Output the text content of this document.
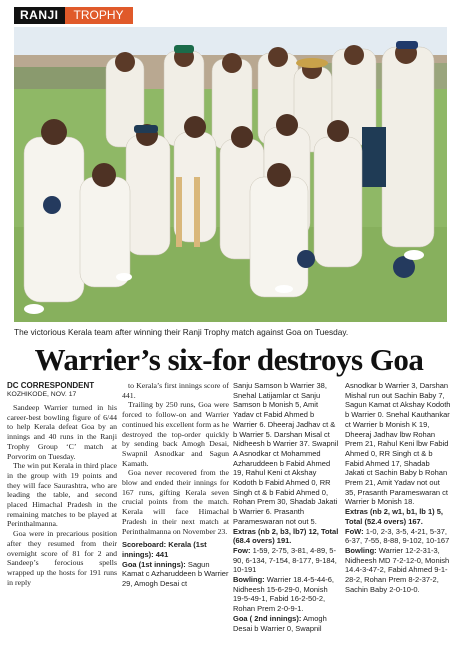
RANJI	TROPHY
The victorious Kerala team after winning their Ranji Trophy match against Goa on Tuesday.
Warrier’s six-for destroys Goa
DC CORRESPONDENT
KOZHIKODE, NOV. 17

Sandeep Warrier turned in his career-best bowling figure of 6/44 to help Kerala defeat Goa by an innings and 40 runs in the Ranji Trophy Group ‘C’ match at Porvorim on Tuesday.

The win put Kerala in third place in the group with 19 points and they will face Saurashtra, who are leading the table, and second placed Himachal Pradesh in the remaining matches to be played at Perinthalmanna.

Goa were in precarious position after they resumed from their overnight score of 81 for 2 and Sandeep’s ferocious spells wrapped up the hosts for 191 runs in reply

to Kerala’s first innings score of 441.

Trailing by 250 runs, Goa were forced to follow-on and Warrier continued his excellent form as he destroyed the top-order quickly by sending back Amogh Desai, Swapnil Asnodkar and Sagun Kamath.

Goa never recovered from the blow and ended their innings for 167 runs, gifting Kerala seven crucial points from the match. Kerala will face Himachal Pradesh in their next match at Perinthalmanna on November 23.

Scoreboard: Kerala (1st innings): 441

Goa (1st innings): Sagun Kamat c Azharuddeen b Warrier 29, Amogh Desai ct

Sanju Samson b Warrier 38, Snehal Latijamlar ct Sanju Samson b Monish 5, Amit Yadav ct Fabid Ahmed b Warrier 6. Dheeraj Jadhav ct & b Warrier 5. Darshan Misal ct Nidheesh b Warrier 37. Swapnil A Asnodkar ct Mohammed Azharuddeen b Fabid Ahmed 19, Rahul Keni ct Akshay Kodoth b Fabid Ahmed 0, RR Singh ct & b Fabid Ahmed 0, Rohan Prem 30, Shadab Jakati b Warrier 6. Prasanth Parameswaran not out 5.

Extras (nb 2, b3, lb7) 12, Total (68.4 overs) 191.

Fow: 1-59, 2-75, 3-81, 4-89, 5-90, 6-134, 7-154, 8-177, 9-184, 10-191

Bowling: Warrier 18.4-5-44-6, Nidheesh 15-6-29-0, Monish 19-5-49-1, Fabid 16-2-50-2, Rohan Prem 2-0-9-1.

Goa ( 2nd innings): Amogh Desai b Warrier 0, Swapnil

Asnodkar b Warrier 3, Darshan Mishal run out Sachin Baby 7, Sagun Kamat ct Akshay Kodoth b Warrier 0. Snehal Kauthankar ct Warrier b Monish K 19, Dheeraj Jadhav lbw Rohan Prem 21, Rahul Keni lbw Fabid Ahmed 0, RR Singh ct & b Fabid Ahmed 17, Shadab Jakati ct Sachin Baby b Rohan Prem 21, Amit Yadav not out 35, Prasanth Parameswaran ct Warrier b Monish 18.

Extras (nb 2, w1, b1, lb 1) 5, Total (52.4 overs) 167.

FoW: 1-0, 2-3, 3-5, 4-21, 5-37, 6-37, 7-55, 8-88, 9-102, 10-167

Bowling: Warrier 12-2-31-3, Nidheesh MD 7-2-12-0, Monish 14.4-3-47-2, Fabid Ahmed 9-1-28-2, Rohan Prem 8-2-37-2, Sachin Baby 2-0-10-0.
